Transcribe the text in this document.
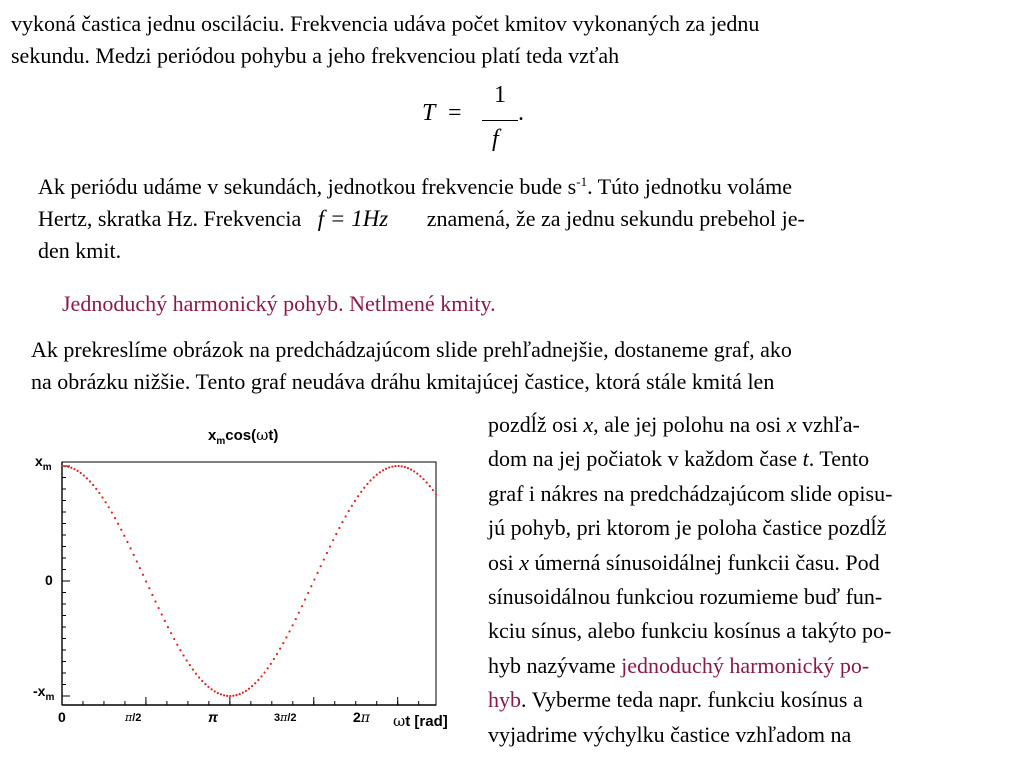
vykoná častica jednu osciláciu. Frekvencia udáva počet kmitov vykonaných za jednu
sekundu. Medzi periódou pohybu a jeho frekvenciou platí teda vzťah
T =
1
f
.
Ak periódu udáme v sekundách, jednotkou frekvencie bude $s^{-1}$. Túto jednotku voláme
Hertz, skratka Hz. Frekvencia f = 1Hz znamená, že za jednu sekundu prebehol je-
den kmit.
Jednoduchý harmonický pohyb. Netlmené kmity.
Ak prekreslíme obrázok na predchádzajúcom slide prehľadnejšie, dostaneme graf, ako
na obrázku nižšie. Tento graf neudáva dráhu kmitajúcej častice, ktorá stále kmitá len
pozdĺž osi x, ale jej polohu na osi x vzhľa-
dom na jej počiatok v každom čase t. Tento
graf i nákres na predchádzajúcom slide opisu-
jú pohyb, pri ktorom je poloha častice pozdĺž
osi x úmerná sínusoidálnej funkcii času. Pod
sínusoidálnou funkciou rozumieme buď fun-
kciu sínus, alebo funkciu kosínus a takýto po-
hyb nazývame jednoduchý harmonický po-
hyb. Vyberme teda napr. funkciu kosínus a
vyjadrime výchylku častice vzhľadom na
$x_m\cos(\omega t)$
$x_m$
0
$-x_m$
0	π/2	π	3π/2	2π ωt [rad]
